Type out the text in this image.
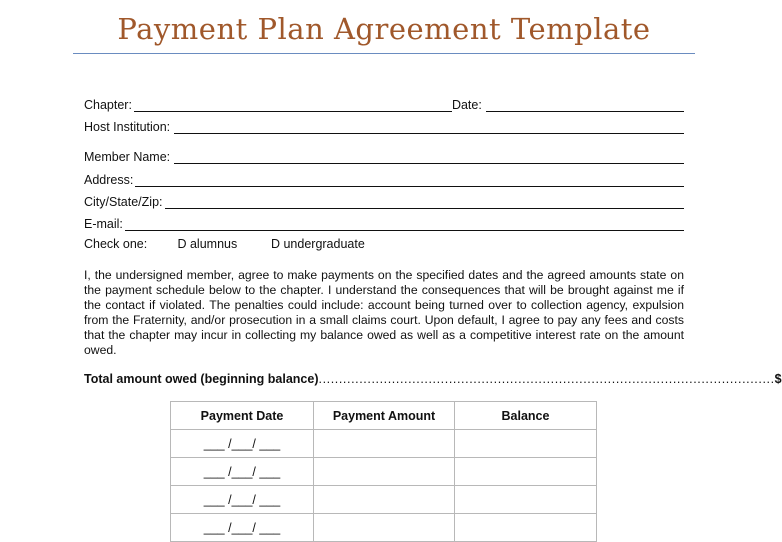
Payment Plan Agreement Template
Chapter:	Date:
Host Institution:
Member Name:
Address:
City/State/Zip:
E-mail:
Check one: D alumnus	D undergraduate
I, the undersigned member, agree to make payments on the specified dates and the agreed amounts state on the payment schedule below to the chapter. I understand the consequences that will be brought against me if the contact if violated. The penalties could include: account being turned over to collection agency, expulsion from the Fraternity, and/or prosecution in a small claims court. Upon default, I agree to pay any fees and costs that the chapter may incur in collecting my balance owed as well as a competitive interest rate on the amount owed.
Total amount owed (beginning balance) ................................................................................................................ $
Payment Date	Payment Amount	Balance
___ /___/ ___		
___ /___/ ___		
___ /___/ ___		
___ /___/ ___		
